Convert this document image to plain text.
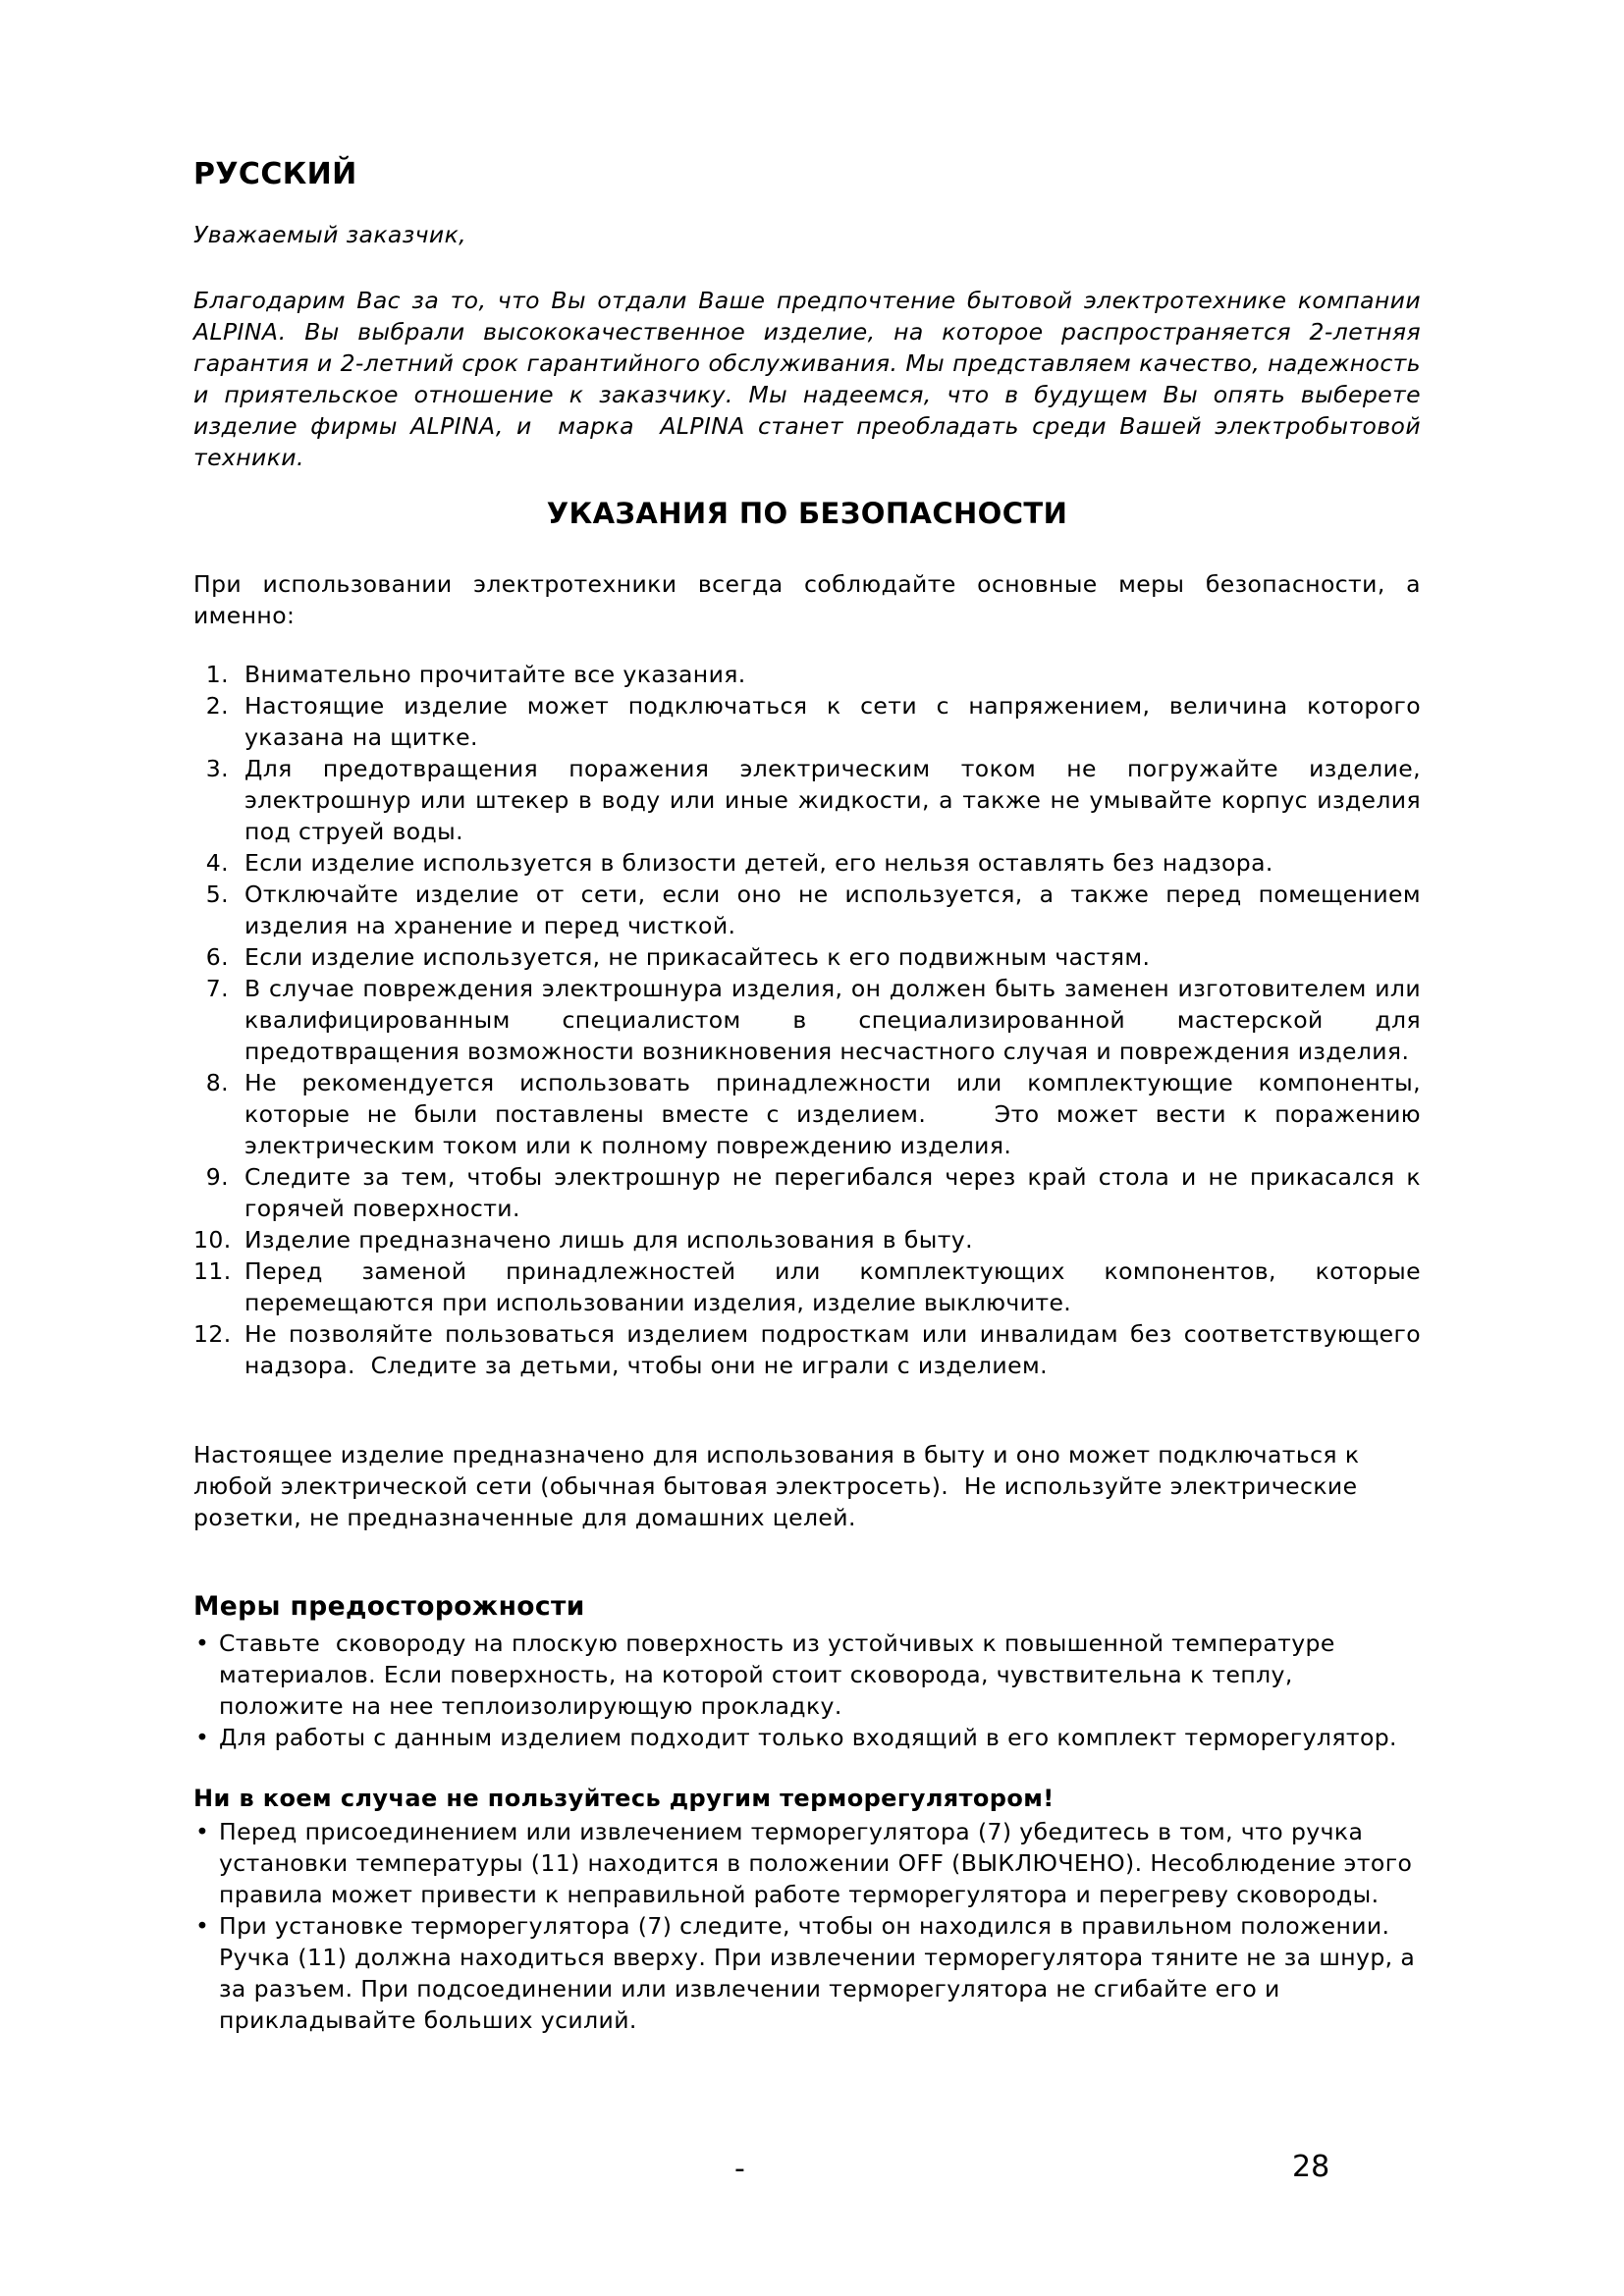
РУССКИЙ
Уважаемый заказчик,
Благодарим Вас за то, что Вы отдали Ваше предпочтение бытовой электротехнике компании ALPINA. Вы выбрали высококачественное изделие, на которое распространяется 2-летняя гарантия и 2-летний срок гарантийного обслуживания. Мы представляем качество, надежность и приятельское отношение к заказчику. Мы надеемся, что в будущем Вы опять выберете изделие фирмы ALPINA, и  марка  ALPINA станет преобладать среди Вашей электробытовой техники.
УКАЗАНИЯ ПО БЕЗОПАСНОСТИ
При использовании электротехники всегда соблюдайте основные меры безопасности, а именно:
1. Внимательно прочитайте все указания.
2. Настоящие изделие может подключаться к сети с напряжением, величина которого указана на щитке.
3. Для предотвращения поражения электрическим током не погружайте изделие, электрошнур или штекер в воду или иные жидкости, а также не умывайте корпус изделия под струей воды.
4. Если изделие используется в близости детей, его нельзя оставлять без надзора.
5. Отключайте изделие от сети, если оно не используется, а также перед помещением изделия на хранение и перед чисткой.
6. Если изделие используется, не прикасайтесь к его подвижным частям.
7. В случае повреждения электрошнура изделия, он должен быть заменен изготовителем или квалифицированным специалистом в специализированной мастерской для предотвращения возможности возникновения несчастного случая и повреждения изделия.
8. Не рекомендуется использовать принадлежности или комплектующие компоненты, которые не были поставлены вместе с изделием.    Это может вести к поражению электрическим током или к полному повреждению изделия.
9. Следите за тем, чтобы электрошнур не перегибался через край стола и не прикасался к горячей поверхности.
10. Изделие предназначено лишь для использования в быту.
11. Перед заменой принадлежностей или комплектующих компонентов, которые перемещаются при использовании изделия, изделие выключите.
12. Не позволяйте пользоваться изделием подросткам или инвалидам без соответствующего надзора.  Следите за детьми, чтобы они не играли с изделием.
Настоящее изделие предназначено для использования в быту и оно может подключаться к любой электрической сети (обычная бытовая электросеть).  Не используйте электрические розетки, не предназначенные для домашних целей.
Меры предосторожности
• Ставьте  сковороду на плоскую поверхность из устойчивых к повышенной температуре материалов. Если поверхность, на которой стоит сковорода, чувствительна к теплу, положите на нее теплоизолирующую прокладку.
• Для работы с данным изделием подходит только входящий в его комплект терморегулятор.
Ни в коем случае не пользуйтесь другим терморегулятором!
• Перед присоединением или извлечением терморегулятора (7) убедитесь в том, что ручка установки температуры (11) находится в положении OFF (ВЫКЛЮЧЕНО). Несоблюдение этого правила может привести к неправильной работе терморегулятора и перегреву сковороды.
• При установке терморегулятора (7) следите, чтобы он находился в правильном положении. Ручка (11) должна находиться вверху. При извлечении терморегулятора тяните не за шнур, а за разъем. При подсоединении или извлечении терморегулятора не сгибайте его и прикладывайте больших усилий.
-	28
